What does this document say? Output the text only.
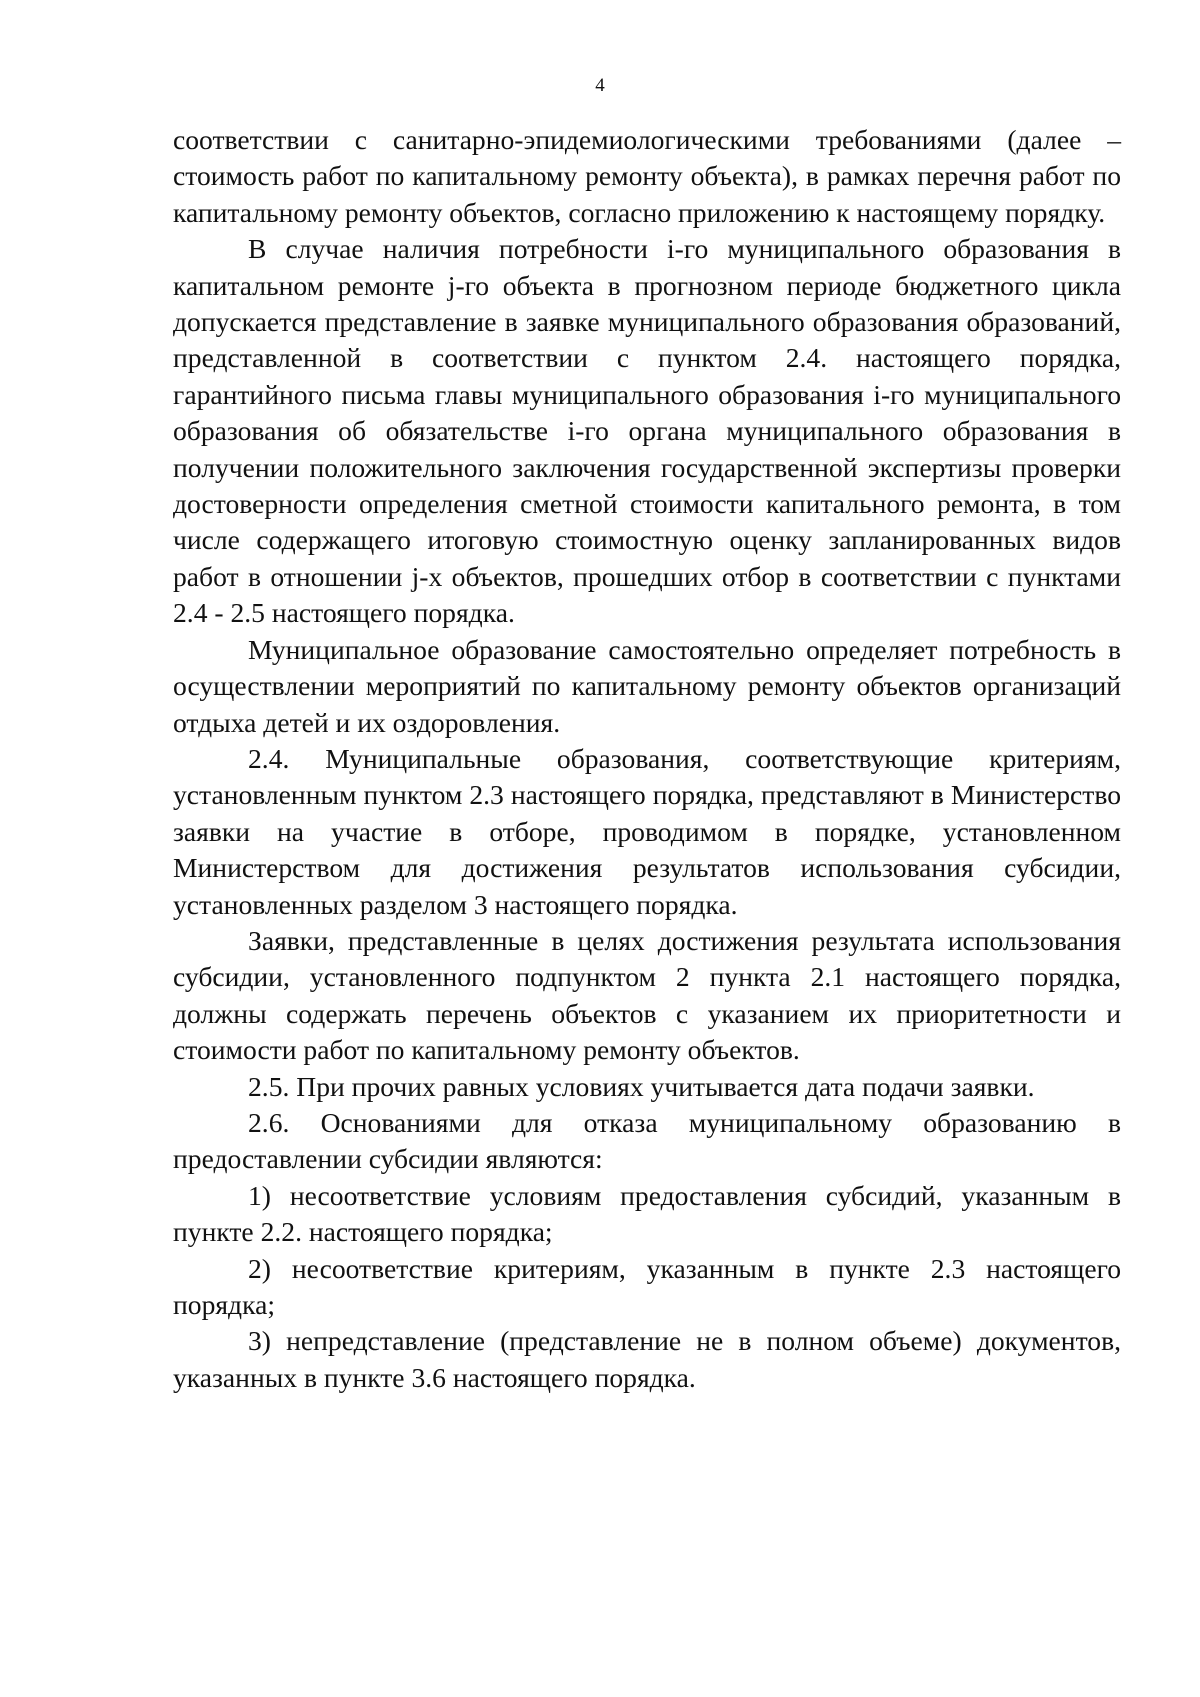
4

соответствии с санитарно-эпидемиологическими требованиями (далее – стоимость работ по капитальному ремонту объекта), в рамках перечня работ по капитальному ремонту объектов, согласно приложению к настоящему порядку.

В случае наличия потребности i-го муниципального образования в капитальном ремонте j-го объекта в прогнозном периоде бюджетного цикла допускается представление в заявке муниципального образования образований, представленной в соответствии с пунктом 2.4. настоящего порядка, гарантийного письма главы муниципального образования i-го муниципального образования об обязательстве i-го органа муниципального образования в получении положительного заключения государственной экспертизы проверки достоверности определения сметной стоимости капитального ремонта, в том числе содержащего итоговую стоимостную оценку запланированных видов работ в отношении j-х объектов, прошедших отбор в соответствии с пунктами 2.4 - 2.5 настоящего порядка.

Муниципальное образование самостоятельно определяет потребность в осуществлении мероприятий по капитальному ремонту объектов организаций отдыха детей и их оздоровления.

2.4. Муниципальные образования, соответствующие критериям, установленным пунктом 2.3 настоящего порядка, представляют в Министерство заявки на участие в отборе, проводимом в порядке, установленном Министерством для достижения результатов использования субсидии, установленных разделом 3 настоящего порядка.

Заявки, представленные в целях достижения результата использования субсидии, установленного подпунктом 2 пункта 2.1 настоящего порядка, должны содержать перечень объектов с указанием их приоритетности и стоимости работ по капитальному ремонту объектов.

2.5. При прочих равных условиях учитывается дата подачи заявки.

2.6. Основаниями для отказа муниципальному образованию в предоставлении субсидии являются:

1) несоответствие условиям предоставления субсидий, указанным в пункте 2.2. настоящего порядка;

2) несоответствие критериям, указанным в пункте 2.3 настоящего порядка;

3) непредставление (представление не в полном объеме) документов, указанных в пункте 3.6 настоящего порядка.
